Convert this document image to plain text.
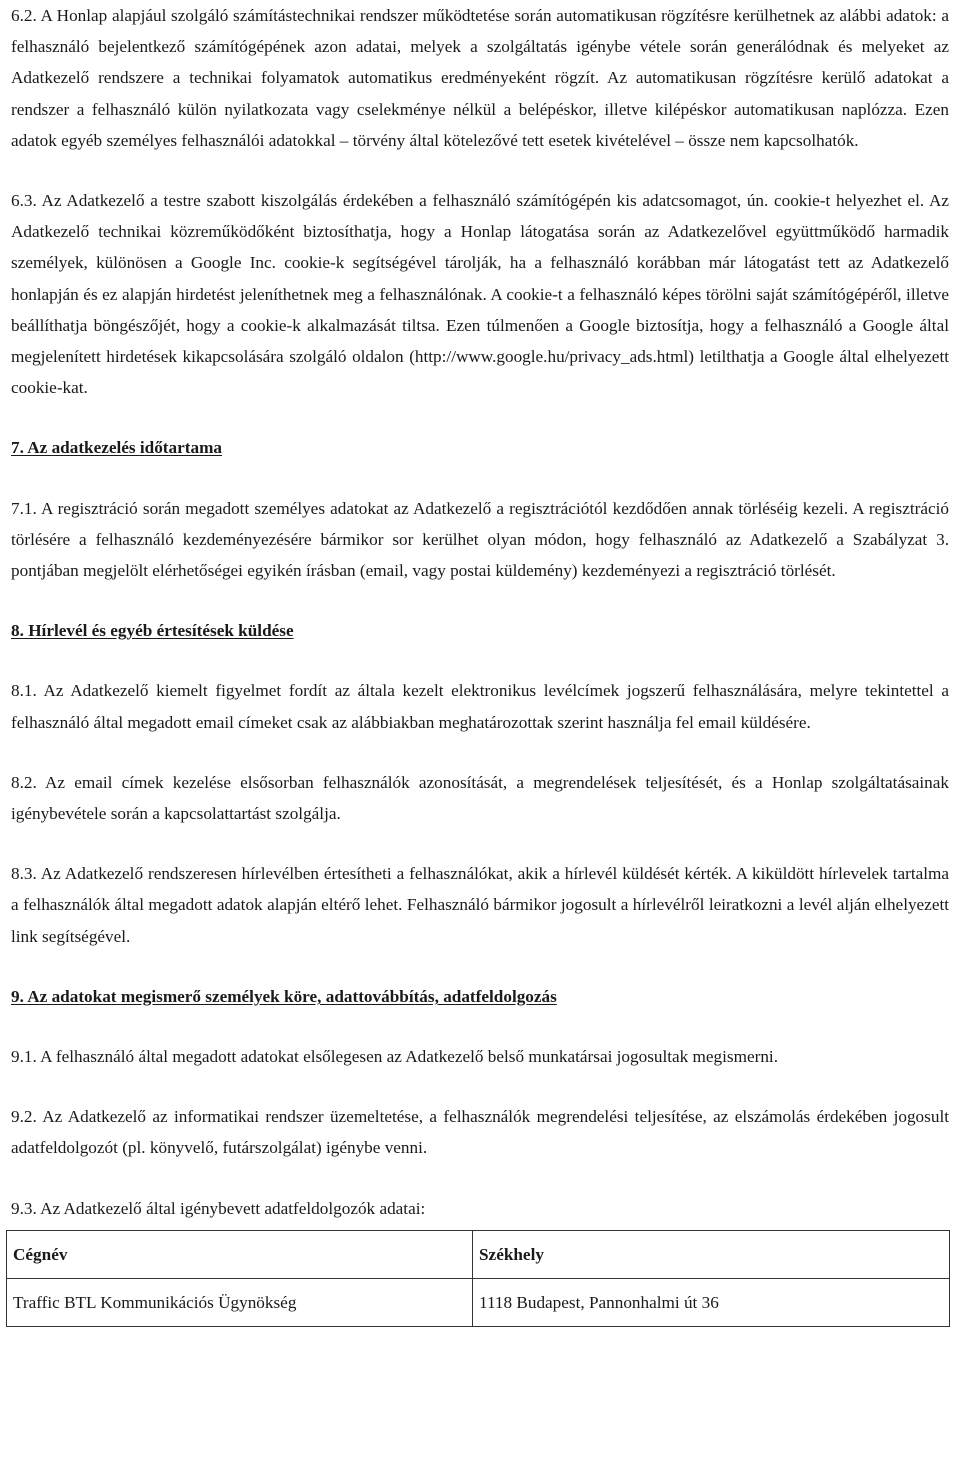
6.2. A Honlap alapjául szolgáló számítástechnikai rendszer működtetése során automatikusan rögzítésre kerülhetnek az alábbi adatok: a felhasználó bejelentkező számítógépének azon adatai, melyek a szolgáltatás igénybe vétele során generálódnak és melyeket az Adatkezelő rendszere a technikai folyamatok automatikus eredményeként rögzít. Az automatikusan rögzítésre kerülő adatokat a rendszer a felhasználó külön nyilatkozata vagy cselekménye nélkül a belépéskor, illetve kilépéskor automatikusan naplózza. Ezen adatok egyéb személyes felhasználói adatokkal – törvény által kötelezővé tett esetek kivételével – össze nem kapcsolhatók.

6.3. Az Adatkezelő a testre szabott kiszolgálás érdekében a felhasználó számítógépén kis adatcsomagot, ún. cookie-t helyezhet el. Az Adatkezelő technikai közreműködőként biztosíthatja, hogy a Honlap látogatása során az Adatkezelővel együttműködő harmadik személyek, különösen a Google Inc. cookie-k segítségével tárolják, ha a felhasználó korábban már látogatást tett az Adatkezelő honlapján és ez alapján hirdetést jeleníthetnek meg a felhasználónak. A cookie-t a felhasználó képes törölni saját számítógépéről, illetve beállíthatja böngészőjét, hogy a cookie-k alkalmazását tiltsa. Ezen túlmenően a Google biztosítja, hogy a felhasználó a Google által megjelenített hirdetések kikapcsolására szolgáló oldalon (http://www.google.hu/privacy_ads.html) letilthatja a Google által elhelyezett cookie-kat.

7. Az adatkezelés időtartama

7.1. A regisztráció során megadott személyes adatokat az Adatkezelő a regisztrációtól kezdődően annak törléséig kezeli. A regisztráció törlésére a felhasználó kezdeményezésére bármikor sor kerülhet olyan módon, hogy felhasználó az Adatkezelő a Szabályzat 3. pontjában megjelölt elérhetőségei egyikén írásban (email, vagy postai küldemény) kezdeményezi a regisztráció törlését.

8. Hírlevél és egyéb értesítések küldése

8.1. Az Adatkezelő kiemelt figyelmet fordít az általa kezelt elektronikus levélcímek jogszerű felhasználására, melyre tekintettel a felhasználó által megadott email címeket csak az alábbiakban meghatározottak szerint használja fel email küldésére.

8.2. Az email címek kezelése elsősorban felhasználók azonosítását, a megrendelések teljesítését, és a Honlap szolgáltatásainak igénybevétele során a kapcsolattartást szolgálja.

8.3. Az Adatkezelő rendszeresen hírlevélben értesítheti a felhasználókat, akik a hírlevél küldését kérték. A kiküldött hírlevelek tartalma a felhasználók által megadott adatok alapján eltérő lehet. Felhasználó bármikor jogosult a hírlevélről leiratkozni a levél alján elhelyezett link segítségével.

9. Az adatokat megismerő személyek köre, adattovábbítás, adatfeldolgozás

9.1. A felhasználó által megadott adatokat elsőlegesen az Adatkezelő belső munkatársai jogosultak megismerni.

9.2. Az Adatkezelő az informatikai rendszer üzemeltetése, a felhasználók megrendelési teljesítése, az elszámolás érdekében jogosult adatfeldolgozót (pl. könyvelő, futárszolgálat) igénybe venni.

9.3. Az Adatkezelő által igénybevett adatfeldolgozók adatai:

Cégnév	Székhely
Traffic BTL Kommunikációs Ügynökség	1118 Budapest, Pannonhalmi út 36
